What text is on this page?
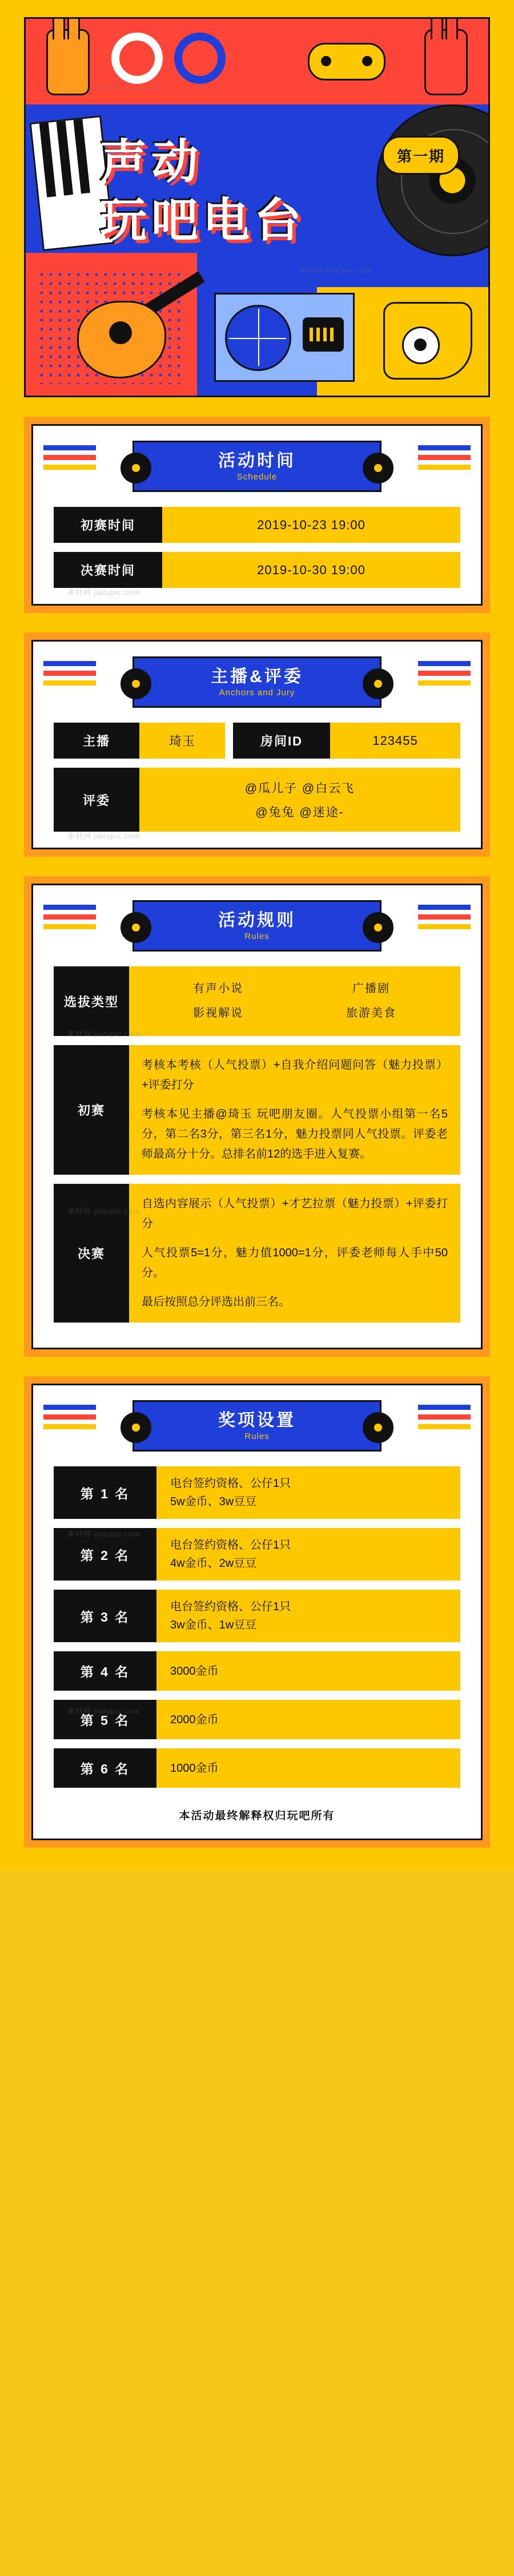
声动
玩吧电台
第一期
素材网 jiatupic.com
素材网 jiatupic.com
活动时间
Schedule
初赛时间	2019-10-23 19:00
决赛时间	2019-10-30 19:00
素材网 jiatupic.com
主播&评委
Anchors and Jury
主播	琦玉	房间ID	123455
评委
@瓜儿子 @白云飞
@兔兔 @迷途-
素材网 jiatupic.com
活动规则
Rules
选拔类型
有声小说	广播剧
影视解说	旅游美食
初赛

考核本考核（人气投票）+自我介绍问题问答（魅力投票）+评委打分

考核本见主播@琦玉 玩吧朋友圈。人气投票小组第一名5分，第二名3分，第三名1分，魅力投票同人气投票。评委老师最高分十分。总排名前12的选手进入复赛。

决赛

自选内容展示（人气投票）+才艺拉票（魅力投票）+评委打分

人气投票5=1分，魅力值1000=1分，评委老师每人手中50分。

最后按照总分评选出前三名。

素材网 jiatupic.com
素材网 jiatupic.com
奖项设置
Rules
第 1 名
电台签约资格、公仔1只
5w金币、3w豆豆
第 2 名
电台签约资格、公仔1只
4w金币、2w豆豆
第 3 名
电台签约资格、公仔1只
3w金币、1w豆豆
第 4 名	3000金币
第 5 名	2000金币
第 6 名	1000金币
本活动最终解释权归玩吧所有
素材网 jiatupic.com
素材网 jiatupic.com
